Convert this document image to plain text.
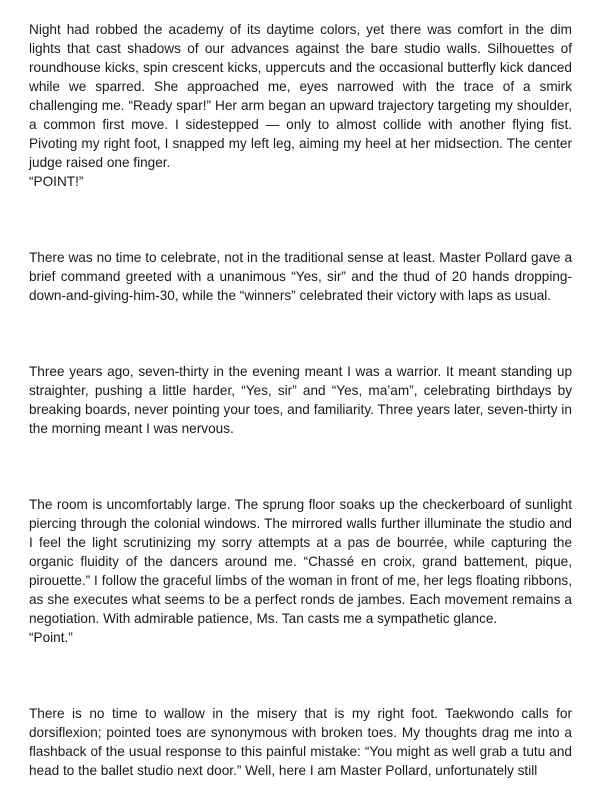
Night had robbed the academy of its daytime colors, yet there was comfort in the dim lights that cast shadows of our advances against the bare studio walls. Silhouettes of roundhouse kicks, spin crescent kicks, uppercuts and the occasional butterfly kick danced while we sparred. She approached me, eyes narrowed with the trace of a smirk challenging me. “Ready spar!” Her arm began an upward trajectory targeting my shoulder, a common first move. I sidestepped — only to almost collide with another flying fist. Pivoting my right foot, I snapped my left leg, aiming my heel at her midsection. The center judge raised one finger.

“POINT!”

There was no time to celebrate, not in the traditional sense at least. Master Pollard gave a brief command greeted with a unanimous “Yes, sir” and the thud of 20 hands dropping-down-and-giving-him-30, while the “winners” celebrated their victory with laps as usual.

Three years ago, seven-thirty in the evening meant I was a warrior. It meant standing up straighter, pushing a little harder, “Yes, sir” and “Yes, ma’am”, celebrating birthdays by breaking boards, never pointing your toes, and familiarity. Three years later, seven-thirty in the morning meant I was nervous.

The room is uncomfortably large. The sprung floor soaks up the checkerboard of sunlight piercing through the colonial windows. The mirrored walls further illuminate the studio and I feel the light scrutinizing my sorry attempts at a pas de bourrée, while capturing the organic fluidity of the dancers around me. “Chassé en croix, grand battement, pique, pirouette.” I follow the graceful limbs of the woman in front of me, her legs floating ribbons, as she executes what seems to be a perfect ronds de jambes. Each movement remains a negotiation. With admirable patience, Ms. Tan casts me a sympathetic glance.

“Point.”

There is no time to wallow in the misery that is my right foot. Taekwondo calls for dorsiflexion; pointed toes are synonymous with broken toes. My thoughts drag me into a flashback of the usual response to this painful mistake: “You might as well grab a tutu and head to the ballet studio next door.” Well, here I am Master Pollard, unfortunately still
